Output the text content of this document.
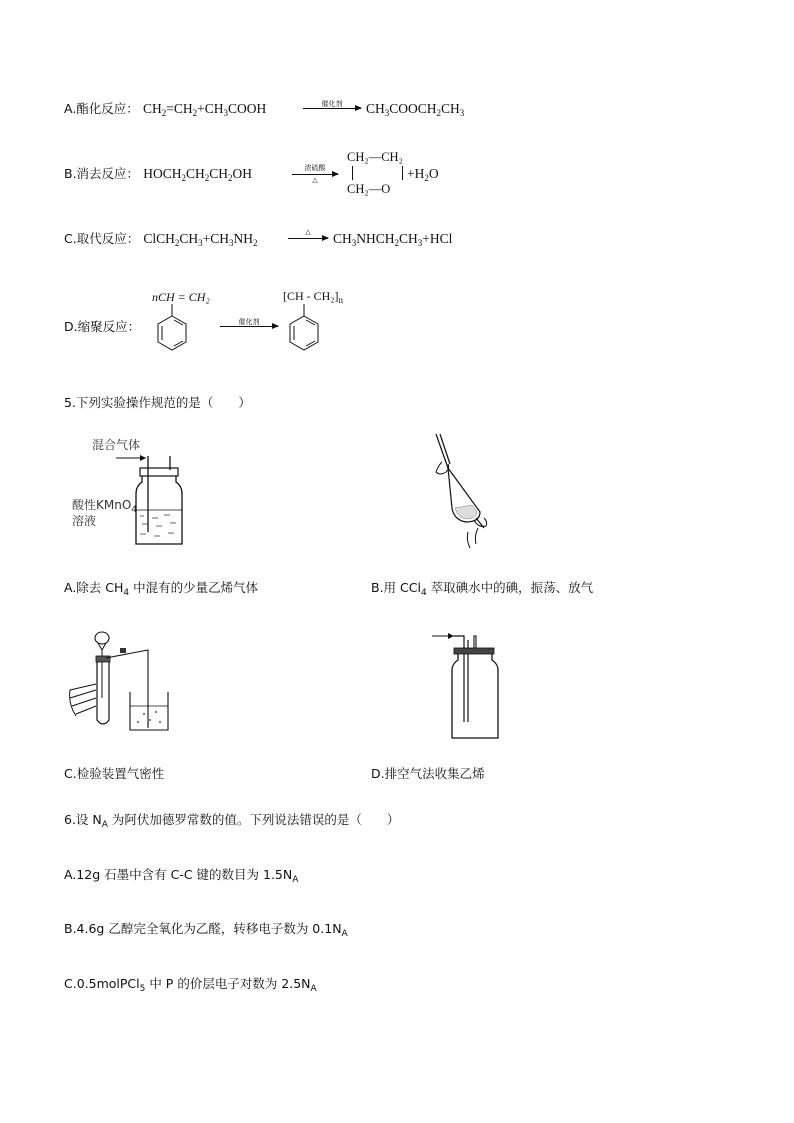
A.酯化反应： $CH_2=CH_2+CH_3COOH$	催化剂	$CH_3COOCH_2CH_3$
B.消去反应： $HOCH_2CH_2CH_2OH$	浓硫酸
△
CH₂—CH₂
CH₂—O
$+H_2O$
C.取代反应： $ClCH_2CH_3+CH_3NH_2$
△	$CH_3NHCH_2CH_3+HCl$
D.缩聚反应：
nCH = CH₂
催化剂
$[CH - CH_2]_n$
5.下列实验操作规范的是（　　）
混合气体
酸性KMnO$_4$
溶液
A.除去 $CH_4$ 中混有的少量乙烯气体	B.用 CCl$_4$ 萃取碘水中的碘，振荡、放气
C.检验装置气密性	D.排空气法收集乙烯
6.设 $N_A$ 为阿伏加德罗常数的值。下列说法错误的是（　　）
A.12g 石墨中含有 C-C 键的数目为 $1.5N_A$
B.4.6g 乙醇完全氧化为乙醛，转移电子数为 $0.1N_A$
C.0.5molPCl$_5$ 中 P 的价层电子对数为 $2.5N_A$
